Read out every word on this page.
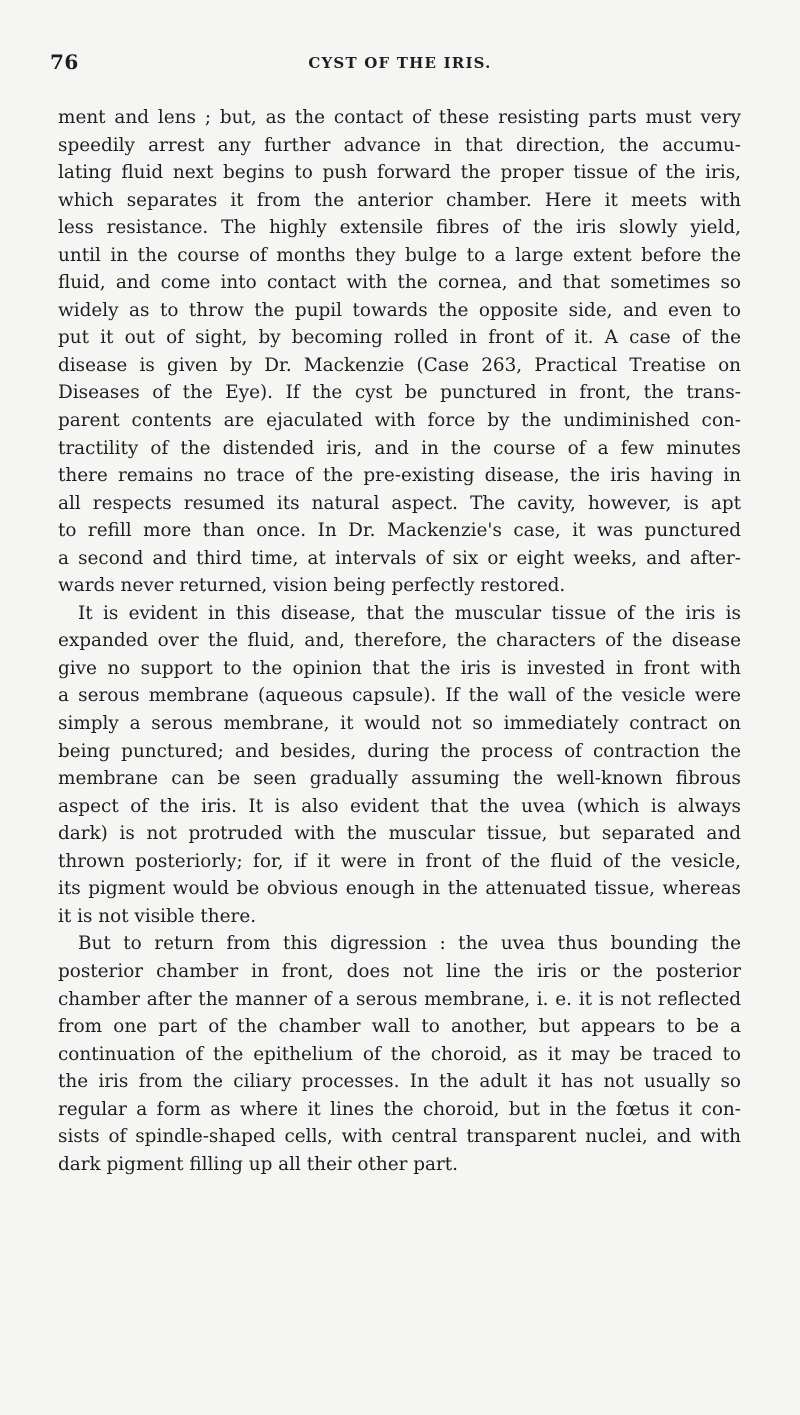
76	CYST OF THE IRIS.
ment and lens ; but, as the contact of these resisting parts must very
speedily arrest any further advance in that direction, the accumu-
lating fluid next begins to push forward the proper tissue of the iris,
which separates it from the anterior chamber. Here it meets with
less resistance. The highly extensile fibres of the iris slowly yield,
until in the course of months they bulge to a large extent before the
fluid, and come into contact with the cornea, and that sometimes so
widely as to throw the pupil towards the opposite side, and even to
put it out of sight, by becoming rolled in front of it. A case of the
disease is given by Dr. Mackenzie (Case 263, Practical Treatise on
Diseases of the Eye). If the cyst be punctured in front, the trans-
parent contents are ejaculated with force by the undiminished con-
tractility of the distended iris, and in the course of a few minutes
there remains no trace of the pre-existing disease, the iris having in
all respects resumed its natural aspect. The cavity, however, is apt
to refill more than once. In Dr. Mackenzie's case, it was punctured
a second and third time, at intervals of six or eight weeks, and after-
wards never returned, vision being perfectly restored.
It is evident in this disease, that the muscular tissue of the iris is
expanded over the fluid, and, therefore, the characters of the disease
give no support to the opinion that the iris is invested in front with
a serous membrane (aqueous capsule). If the wall of the vesicle were
simply a serous membrane, it would not so immediately contract on
being punctured; and besides, during the process of contraction the
membrane can be seen gradually assuming the well-known fibrous
aspect of the iris. It is also evident that the uvea (which is always
dark) is not protruded with the muscular tissue, but separated and
thrown posteriorly; for, if it were in front of the fluid of the vesicle,
its pigment would be obvious enough in the attenuated tissue, whereas
it is not visible there.
But to return from this digression : the uvea thus bounding the
posterior chamber in front, does not line the iris or the posterior
chamber after the manner of a serous membrane, i. e. it is not reflected
from one part of the chamber wall to another, but appears to be a
continuation of the epithelium of the choroid, as it may be traced to
the iris from the ciliary processes. In the adult it has not usually so
regular a form as where it lines the choroid, but in the fœtus it con-
sists of spindle-shaped cells, with central transparent nuclei, and with
dark pigment filling up all their other part.
